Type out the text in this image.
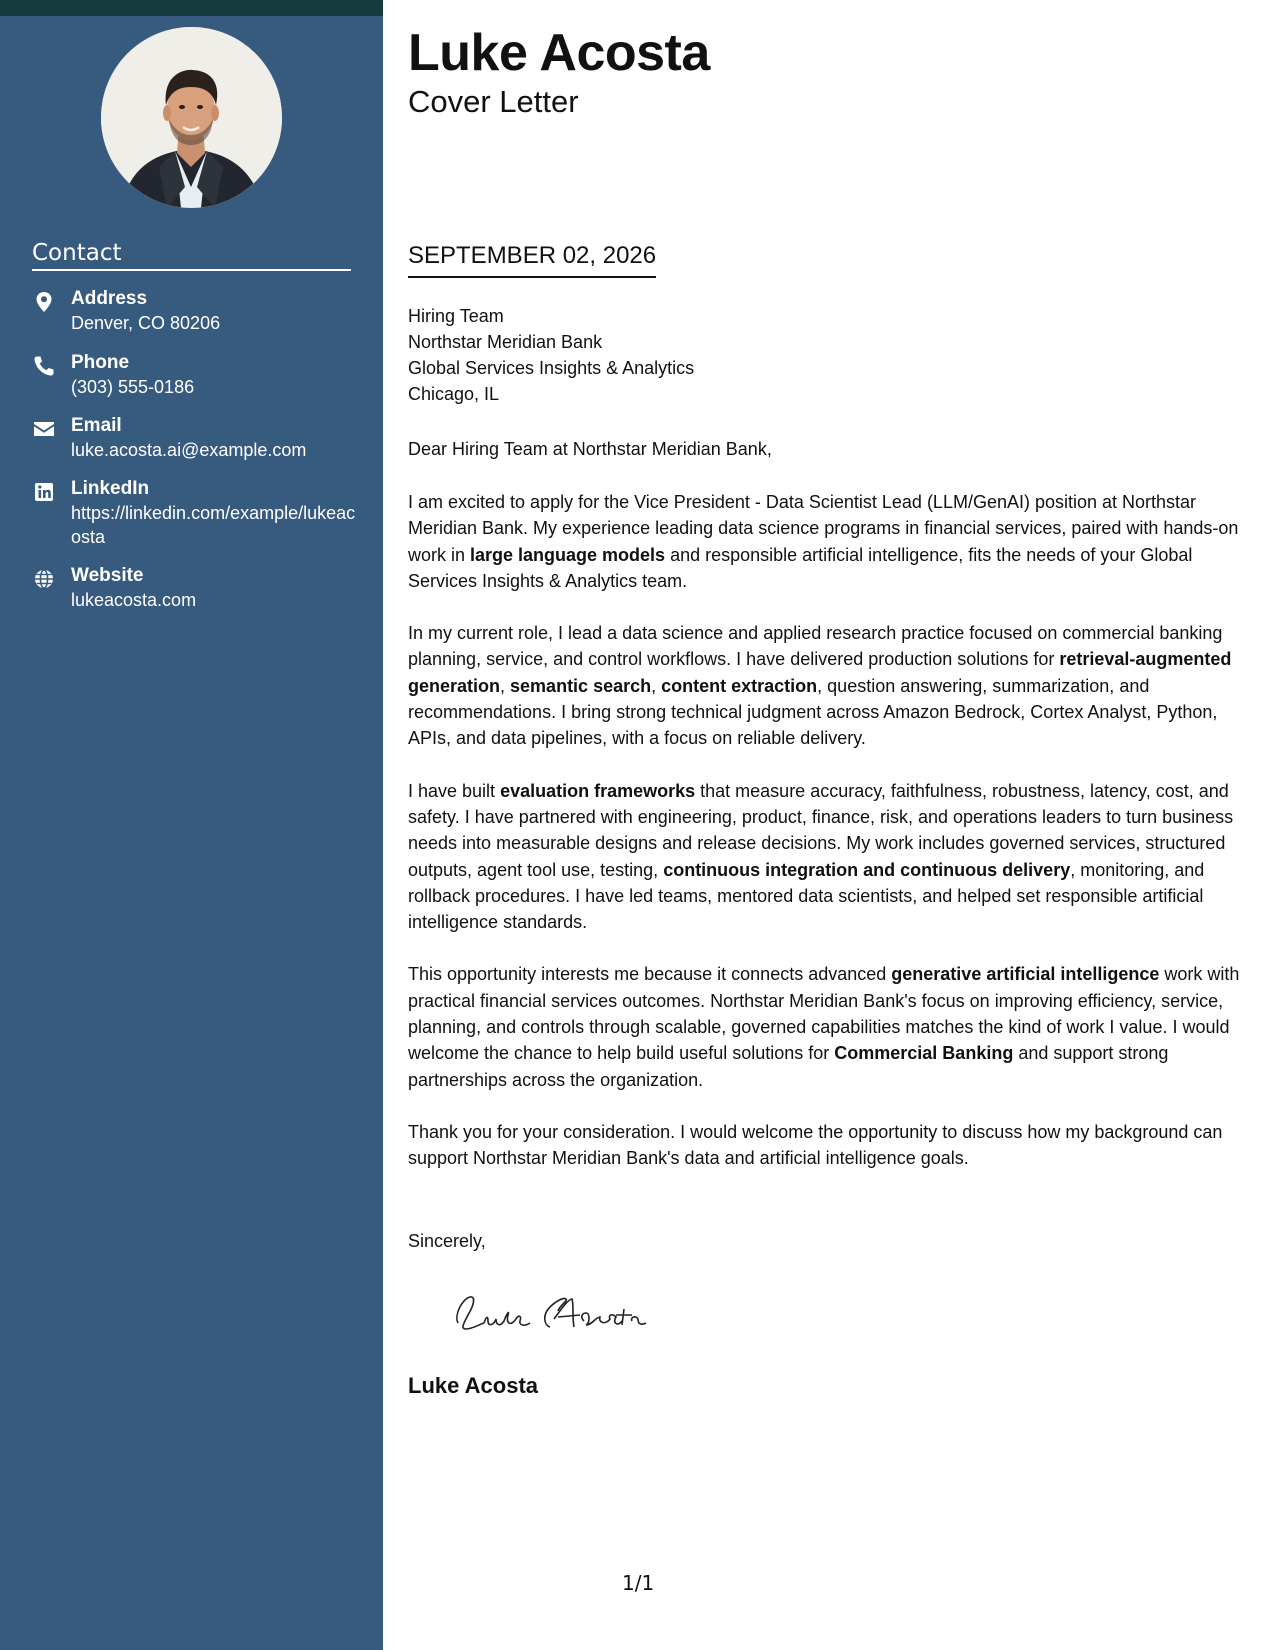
Contact
Address
Denver, CO 80206
Phone
(303) 555-0186
Email
luke.acosta.ai@example.com
LinkedIn
https://linkedin.com/example/lukeacosta
Website
lukeacosta.com
Luke Acosta
Cover Letter
SEPTEMBER 02, 2026
Hiring Team
Northstar Meridian Bank
Global Services Insights & Analytics
Chicago, IL
Dear Hiring Team at Northstar Meridian Bank,

I am excited to apply for the Vice President - Data Scientist Lead (LLM/GenAI) position at Northstar Meridian Bank. My experience leading data science programs in financial services, paired with hands-on work in large language models and responsible artificial intelligence, fits the needs of your Global Services Insights & Analytics team.

In my current role, I lead a data science and applied research practice focused on commercial banking planning, service, and control workflows. I have delivered production solutions for retrieval-augmented generation, semantic search, content extraction, question answering, summarization, and recommendations. I bring strong technical judgment across Amazon Bedrock, Cortex Analyst, Python, APIs, and data pipelines, with a focus on reliable delivery.

I have built evaluation frameworks that measure accuracy, faithfulness, robustness, latency, cost, and safety. I have partnered with engineering, product, finance, risk, and operations leaders to turn business needs into measurable designs and release decisions. My work includes governed services, structured outputs, agent tool use, testing, continuous integration and continuous delivery, monitoring, and rollback procedures. I have led teams, mentored data scientists, and helped set responsible artificial intelligence standards.

This opportunity interests me because it connects advanced generative artificial intelligence work with practical financial services outcomes. Northstar Meridian Bank's focus on improving efficiency, service, planning, and controls through scalable, governed capabilities matches the kind of work I value. I would welcome the chance to help build useful solutions for Commercial Banking and support strong partnerships across the organization.

Thank you for your consideration. I would welcome the opportunity to discuss how my background can support Northstar Meridian Bank's data and artificial intelligence goals.

Sincerely,
Luke Acosta
1/1
